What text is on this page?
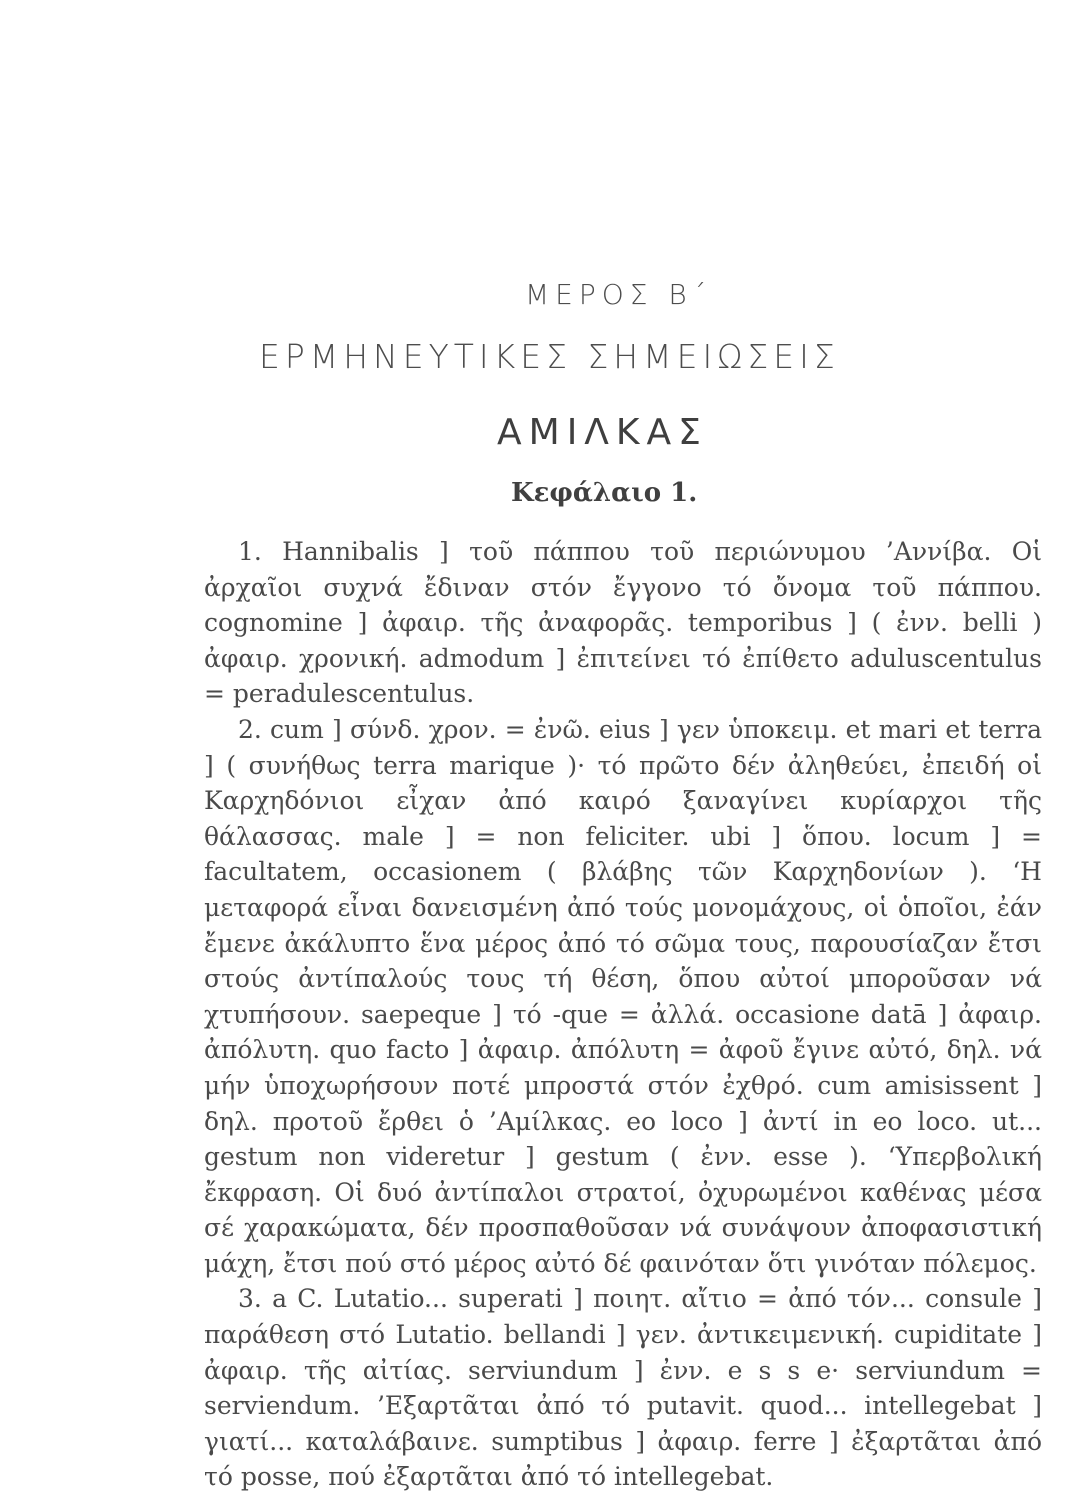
ΜΕΡΟΣ Β΄
ΕΡΜΗΝΕΥΤΙΚΕΣ ΣΗΜΕΙΩΣΕΙΣ
ΑΜΙΛΚΑΣ
Κεφάλαιο 1.

1. Hannibalis ] τοῦ πάππου τοῦ περιώνυμου ’Αννίβα. Οἱ ἀρχαῖοι συχνά ἔδιναν στόν ἔγγονο τό ὄνομα τοῦ πάππου. cognomine ] ἀφαιρ. τῆς ἀναφορᾶς. temporibus ] ( ἐνν. belli ) ἀφαιρ. χρονική. admodum ] ἐπιτείνει τό ἐπίθετο aduluscentulus = peradulescentulus.

2. cum ] σύνδ. χρον. = ἐνῶ. eius ] γεν ὑποκειμ. et mari et terra ] ( συνήθως terra marique )· τό πρῶτο δέν ἀληθεύει, ἐπειδή οἱ Καρχηδόνιοι εἶχαν ἀπό καιρό ξαναγίνει κυρίαρχοι τῆς θάλασσας. male ] = non feliciter. ubi ] ὅπου. locum ] = facultatem, occasionem ( βλάβης τῶν Καρχηδονίων ). ‘Η μεταφορά εἶναι δανεισμένη ἀπό τούς μονομάχους, οἱ ὁποῖοι, ἐάν ἔμενε ἀκάλυπτο ἕνα μέρος ἀπό τό σῶμα τους, παρουσίαζαν ἔτσι στούς ἀντίπαλούς τους τή θέση, ὅπου αὐτοί μποροῦσαν νά χτυπήσουν. saepeque ] τό -que = ἀλλά. occasione datā ] ἀφαιρ. ἀπόλυτη. quo facto ] ἀφαιρ. ἀπόλυτη = ἀφοῦ ἔγινε αὐτό, δηλ. νά μήν ὑποχωρήσουν ποτέ μπροστά στόν ἐχθρό. cum amisissent ] δηλ. προτοῦ ἔρθει ὁ ’Αμίλκας. eo loco ] ἀντί in eo loco. ut... gestum non videretur ] gestum ( ἐνν. esse ). ‘Υπερβολική ἔκφραση. Οἱ δυό ἀντίπαλοι στρατοί, ὀχυρωμένοι καθένας μέσα σέ χαρακώματα, δέν προσπαθοῦσαν νά συνάψουν ἀποφασιστική μάχη, ἔτσι πού στό μέρος αὐτό δέ φαινόταν ὅτι γινόταν πόλεμος.

3. a C. Lutatio... superati ] ποιητ. αἴτιο = ἀπό τόν... consule ] παράθεση στό Lutatio. bellandi ] γεν. ἀντικειμενική. cupiditate ] ἀφαιρ. τῆς αἰτίας. serviundum ] ἐνν. e s s e· serviundum = serviendum. ’Εξαρτᾶται ἀπό τό putavit. quod... intellegebat ] γιατί... καταλάβαινε. sumptibus ] ἀφαιρ. ferre ] ἐξαρτᾶται ἀπό τό posse, πού ἐξαρτᾶται ἀπό τό intellegebat.
